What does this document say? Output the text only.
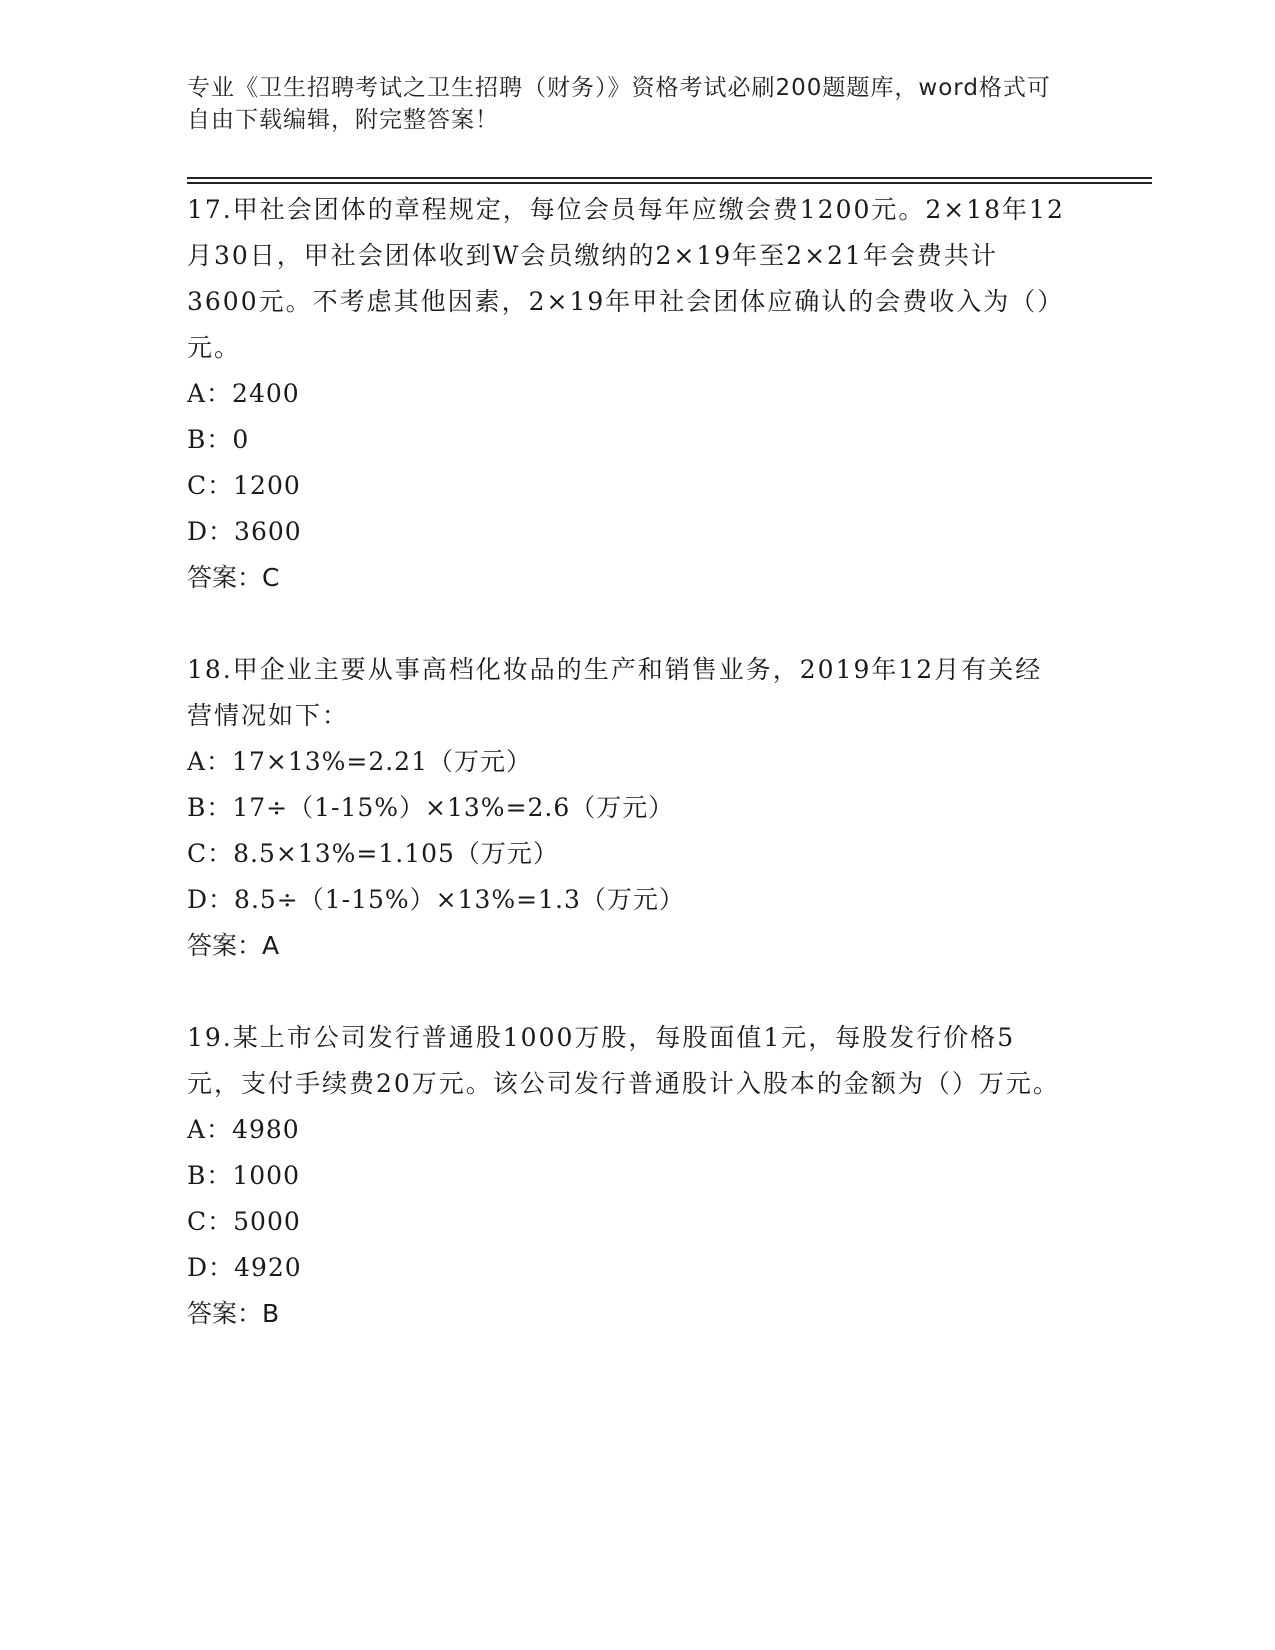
专业《卫生招聘考试之卫生招聘（财务）》资格考试必刷200题题库，word格式可自由下载编辑，附完整答案！

17.甲社会团体的章程规定，每位会员每年应缴会费1200元。2×18年12月30日，甲社会团体收到W会员缴纳的2×19年至2×21年会费共计3600元。不考虑其他因素，2×19年甲社会团体应确认的会费收入为（）元。

A：2400

B：0

C：1200

D：3600

答案：C

18.甲企业主要从事高档化妆品的生产和销售业务，2019年12月有关经营情况如下：

A：17×13%=2.21（万元）

B：17÷（1-15%）×13%=2.6（万元）

C：8.5×13%=1.105（万元）

D：8.5÷（1-15%）×13%=1.3（万元）

答案：A

19.某上市公司发行普通股1000万股，每股面值1元，每股发行价格5元，支付手续费20万元。该公司发行普通股计入股本的金额为（）万元。

A：4980

B：1000

C：5000

D：4920

答案：B
